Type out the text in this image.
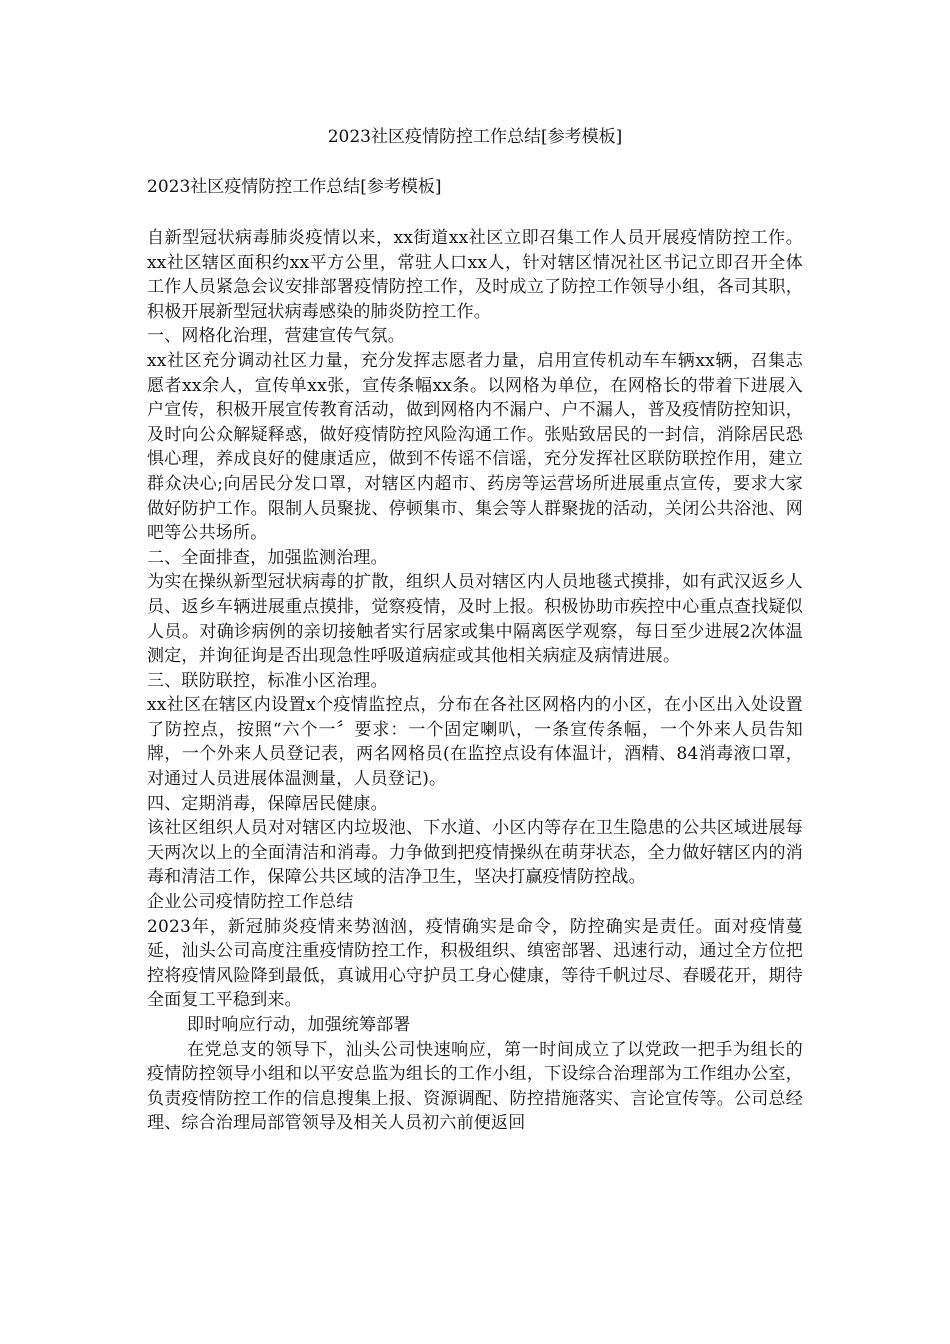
2023社区疫情防控工作总结[参考模板]
2023社区疫情防控工作总结[参考模板]

自新型冠状病毒肺炎疫情以来，xx街道xx社区立即召集工作人员开展疫情防控工作。xx社区辖区面积约xx平方公里，常驻人口xx人，针对辖区情况社区书记立即召开全体工作人员紧急会议安排部署疫情防控工作，及时成立了防控工作领导小组，各司其职，积极开展新型冠状病毒感染的肺炎防控工作。

一、网格化治理，营建宣传气氛。

xx社区充分调动社区力量，充分发挥志愿者力量，启用宣传机动车车辆xx辆，召集志愿者xx余人，宣传单xx张，宣传条幅xx条。以网格为单位，在网格长的带着下进展入户宣传，积极开展宣传教育活动，做到网格内不漏户、户不漏人，普及疫情防控知识，及时向公众解疑释惑，做好疫情防控风险沟通工作。张贴致居民的一封信，消除居民恐惧心理，养成良好的健康适应，做到不传谣不信谣，充分发挥社区联防联控作用，建立群众决心;向居民分发口罩，对辖区内超市、药房等运营场所进展重点宣传，要求大家做好防护工作。限制人员聚拢、停顿集市、集会等人群聚拢的活动，关闭公共浴池、网吧等公共场所。

二、全面排查，加强监测治理。

为实在操纵新型冠状病毒的扩散，组织人员对辖区内人员地毯式摸排，如有武汉返乡人员、返乡车辆进展重点摸排，觉察疫情，及时上报。积极协助市疾控中心重点查找疑似人员。对确诊病例的亲切接触者实行居家或集中隔离医学观察，每日至少进展2次体温测定，并询征询是否出现急性呼吸道病症或其他相关病症及病情进展。

三、联防联控，标准小区治理。

xx社区在辖区内设置x个疫情监控点，分布在各社区网格内的小区，在小区出入处设置了防控点，按照“六个一〞要求：一个固定喇叭，一条宣传条幅，一个外来人员告知牌，一个外来人员登记表，两名网格员(在监控点设有体温计，酒精、84消毒液口罩，对通过人员进展体温测量，人员登记)。

四、定期消毒，保障居民健康。

该社区组织人员对对辖区内垃圾池、下水道、小区内等存在卫生隐患的公共区域进展每天两次以上的全面清洁和消毒。力争做到把疫情操纵在萌芽状态，全力做好辖区内的消毒和清洁工作，保障公共区域的洁净卫生，坚决打赢疫情防控战。

企业公司疫情防控工作总结

2023年，新冠肺炎疫情来势汹汹，疫情确实是命令，防控确实是责任。面对疫情蔓延，汕头公司高度注重疫情防控工作，积极组织、缜密部署、迅速行动，通过全方位把控将疫情风险降到最低，真诚用心守护员工身心健康，等待千帆过尽、春暖花开，期待全面复工平稳到来。

即时响应行动，加强统筹部署

在党总支的领导下，汕头公司快速响应，第一时间成立了以党政一把手为组长的疫情防控领导小组和以平安总监为组长的工作小组，下设综合治理部为工作组办公室，负责疫情防控工作的信息搜集上报、资源调配、防控措施落实、言论宣传等。公司总经理、综合治理局部管领导及相关人员初六前便返回
